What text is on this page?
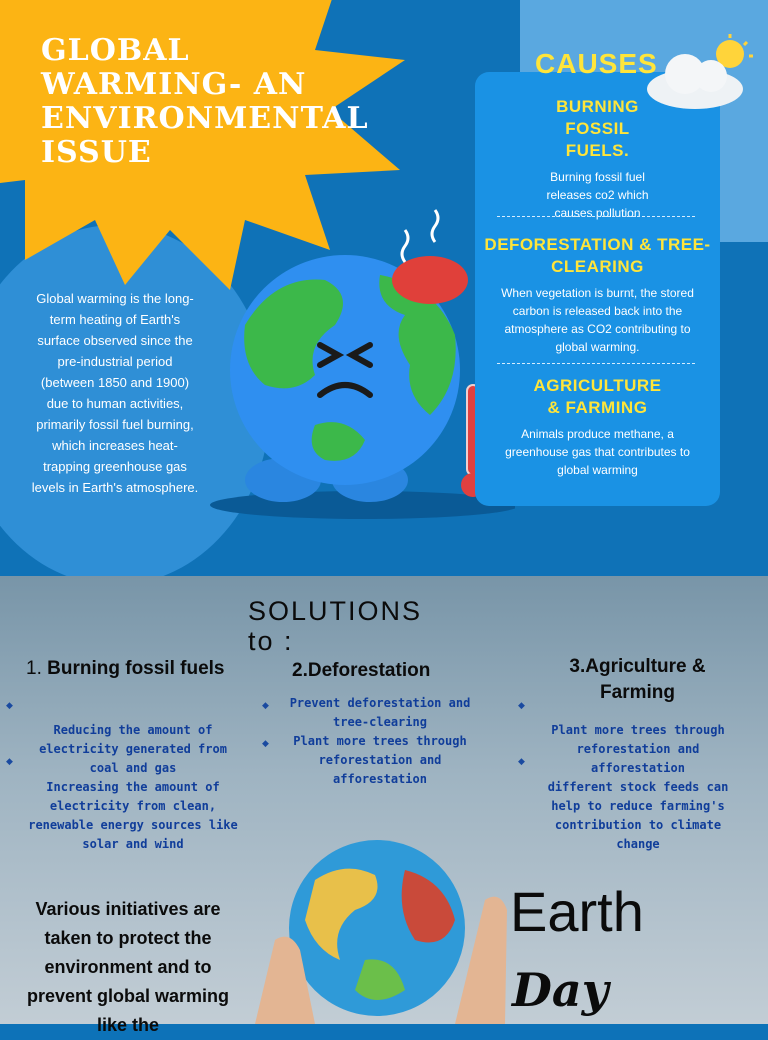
GLOBAL WARMING- AN ENVIRONMENTAL ISSUE

Global warming is the long-term heating of Earth's surface observed since the pre-industrial period (between 1850 and 1900) due to human activities, primarily fossil fuel burning, which increases heat-trapping greenhouse gas levels in Earth's atmosphere.

CAUSES
BURNING FOSSIL FUELS.

Burning fossil fuel releases co2 which causes pollution

DEFORESTATION & TREE-CLEARING

When vegetation is burnt, the stored carbon is released back into the atmosphere as CO2 contributing to global warming.

AGRICULTURE & FARMING

Animals produce methane, a greenhouse gas that contributes to global warming

SOLUTIONS to :
1. Burning fossil fuels
◆

Reducing the amount of electricity generated from coal and gas

◆

Increasing the amount of electricity from clean, renewable energy sources like solar and wind

2.Deforestation
◆	Prevent deforestation and tree-clearing

◆	Plant more trees through reforestation and afforestation

3.Agriculture & Farming
◆

Plant more trees through reforestation and afforestation

◆

different stock feeds can help to reduce farming's contribution to climate change

Various initiatives are taken to protect the environment and to prevent global warming like the

Earth
Day
